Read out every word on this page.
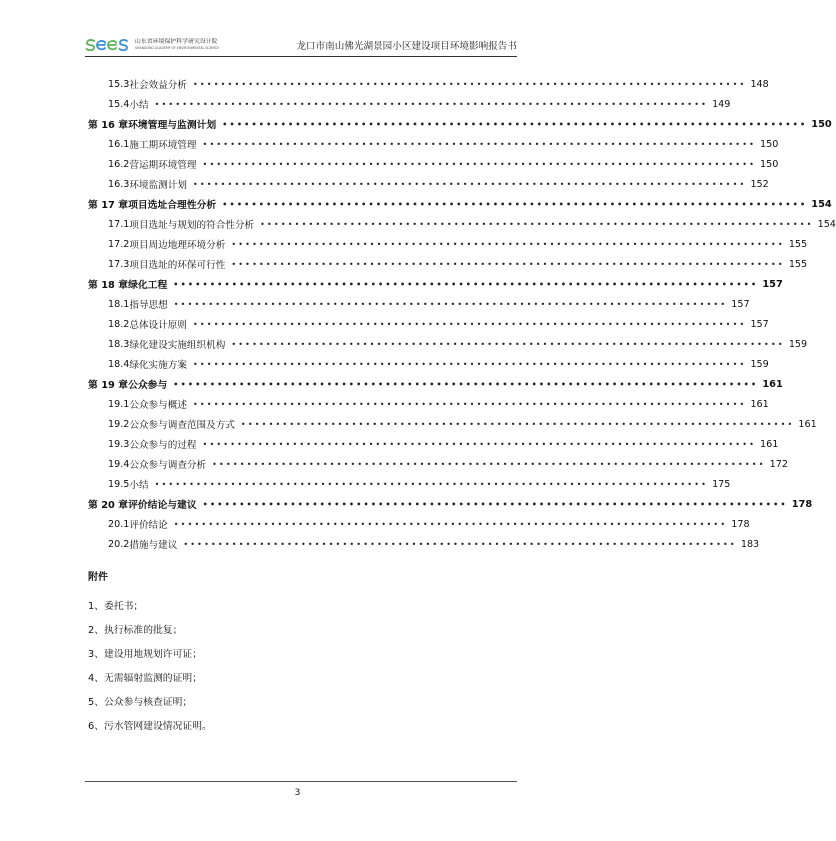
山东省环境保护科学研究设计院
SHANDONG ACADEMY OF ENVIRONMENTAL SCIENCE	龙口市南山佛光湖景园小区建设项目环境影响报告书
15.3 社会效益分析 •••••••••••••••••••••••••••••••••••••••••••••••••••••••••••••••••••••••••••••••• 148
15.4 小结 •••••••••••••••••••••••••••••••••••••••••••••••••••••••••••••••••••••••••••••••• 149
第 16 章 环境管理与监测计划 •••••••••••••••••••••••••••••••••••••••••••••••••••••••••••••••••••••••••••••••• 150
16.1 施工期环境管理 •••••••••••••••••••••••••••••••••••••••••••••••••••••••••••••••••••••••••••••••• 150
16.2 营运期环境管理 •••••••••••••••••••••••••••••••••••••••••••••••••••••••••••••••••••••••••••••••• 150
16.3 环境监测计划 •••••••••••••••••••••••••••••••••••••••••••••••••••••••••••••••••••••••••••••••• 152
第 17 章 项目选址合理性分析 •••••••••••••••••••••••••••••••••••••••••••••••••••••••••••••••••••••••••••••••• 154
17.1 项目选址与规划的符合性分析 •••••••••••••••••••••••••••••••••••••••••••••••••••••••••••••••••••••••••••••••• 154
17.2 项目周边地理环境分析 •••••••••••••••••••••••••••••••••••••••••••••••••••••••••••••••••••••••••••••••• 155
17.3 项目选址的环保可行性 •••••••••••••••••••••••••••••••••••••••••••••••••••••••••••••••••••••••••••••••• 155
第 18 章 绿化工程 •••••••••••••••••••••••••••••••••••••••••••••••••••••••••••••••••••••••••••••••• 157
18.1 指导思想 •••••••••••••••••••••••••••••••••••••••••••••••••••••••••••••••••••••••••••••••• 157
18.2 总体设计原则 •••••••••••••••••••••••••••••••••••••••••••••••••••••••••••••••••••••••••••••••• 157
18.3 绿化建设实施组织机构 •••••••••••••••••••••••••••••••••••••••••••••••••••••••••••••••••••••••••••••••• 159
18.4 绿化实施方案 •••••••••••••••••••••••••••••••••••••••••••••••••••••••••••••••••••••••••••••••• 159
第 19 章 公众参与 •••••••••••••••••••••••••••••••••••••••••••••••••••••••••••••••••••••••••••••••• 161
19.1 公众参与概述 •••••••••••••••••••••••••••••••••••••••••••••••••••••••••••••••••••••••••••••••• 161
19.2 公众参与调查范围及方式 •••••••••••••••••••••••••••••••••••••••••••••••••••••••••••••••••••••••••••••••• 161
19.3 公众参与的过程 •••••••••••••••••••••••••••••••••••••••••••••••••••••••••••••••••••••••••••••••• 161
19.4 公众参与调查分析 •••••••••••••••••••••••••••••••••••••••••••••••••••••••••••••••••••••••••••••••• 172
19.5 小结 •••••••••••••••••••••••••••••••••••••••••••••••••••••••••••••••••••••••••••••••• 175
第 20 章 评价结论与建议 •••••••••••••••••••••••••••••••••••••••••••••••••••••••••••••••••••••••••••••••• 178
20.1 评价结论 •••••••••••••••••••••••••••••••••••••••••••••••••••••••••••••••••••••••••••••••• 178
20.2 措施与建议 •••••••••••••••••••••••••••••••••••••••••••••••••••••••••••••••••••••••••••••••• 183
附件
1、委托书；
2、执行标准的批复；
3、建设用地规划许可证；
4、无需辐射监测的证明；
5、公众参与核查证明；
6、污水管网建设情况证明。
3
